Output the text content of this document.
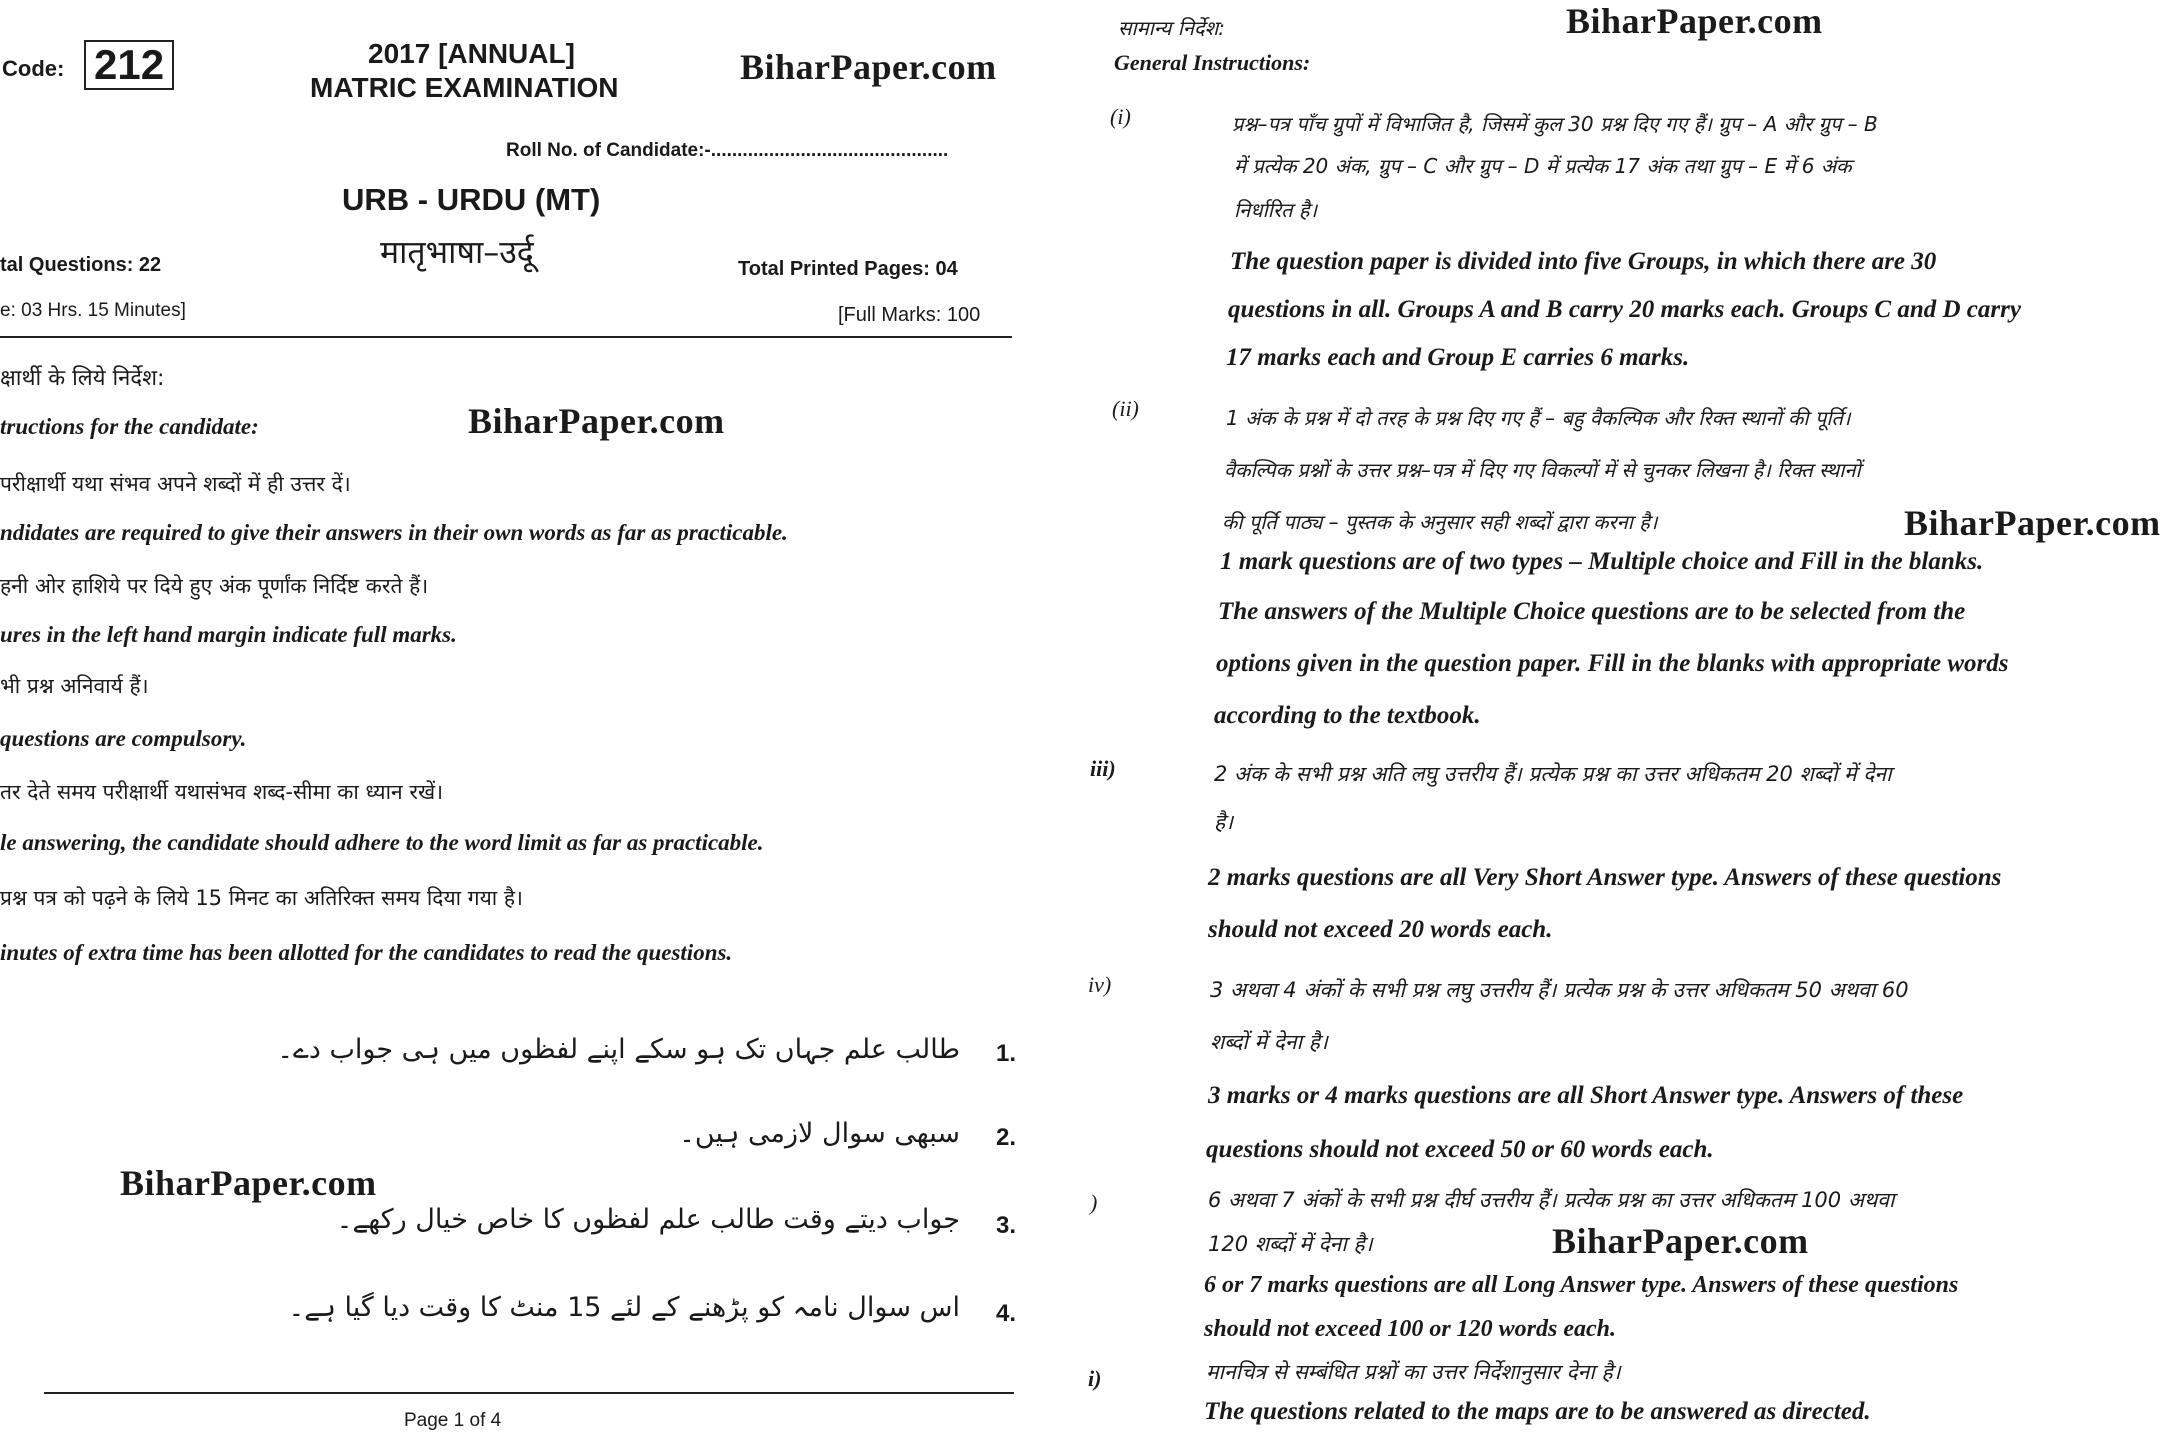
Code: 212	2017 [ANNUAL]
MATRIC EXAMINATION
BiharPaper.com
Roll No. of Candidate:-.............................................
URB - URDU (MT)
मातृभाषा–उर्दू
tal Questions: 22	Total Printed Pages: 04
e: 03 Hrs. 15 Minutes]	[Full Marks: 100
क्षार्थी के लिये निर्देश:
tructions for the candidate:	BiharPaper.com
परीक्षार्थी यथा संभव अपने शब्दों में ही उत्तर दें।
ndidates are required to give their answers in their own words as far as practicable.
हनी ओर हाशिये पर दिये हुए अंक पूर्णांक निर्दिष्ट करते हैं।
ures in the left hand margin indicate full marks.
भी प्रश्न अनिवार्य हैं।
questions are compulsory.
तर देते समय परीक्षार्थी यथासंभव शब्द-सीमा का ध्यान रखें।
le answering, the candidate should adhere to the word limit as far as practicable.
प्रश्न पत्र को पढ़ने के लिये 15 मिनट का अतिरिक्त समय दिया गया है।
inutes of extra time has been allotted for the candidates to read the questions.
طالب علم جہاں تک ہو سکے اپنے لفظوں میں ہی جواب دے۔ 1.
سبھی سوال لازمی ہیں۔ 2.
BiharPaper.com
جواب دیتے وقت طالب علم لفظوں کا خاص خیال رکھے۔ 3.
اس سوال نامہ کو پڑھنے کے لئے 15 منٹ کا وقت دیا گیا ہے۔ 4.
Page 1 of 4
सामान्य निर्देश:	BiharPaper.com
General Instructions:
(i)	प्रश्न–पत्र पाँच ग्रुपों में विभाजित है, जिसमें कुल 30 प्रश्न दिए गए हैं। ग्रुप – A और ग्रुप – B
में प्रत्येक 20 अंक, ग्रुप – C और ग्रुप – D में प्रत्येक 17 अंक तथा ग्रुप – E में 6 अंक
निर्धारित है।
The question paper is divided into five Groups, in which there are 30
questions in all. Groups A and B carry 20 marks each. Groups C and D carry
17 marks each and Group E carries 6 marks.
(ii)	1 अंक के प्रश्न में दो तरह के प्रश्न दिए गए हैं – बहु वैकल्पिक और रिक्त स्थानों की पूर्ति।
वैकल्पिक प्रश्नों के उत्तर प्रश्न–पत्र में दिए गए विकल्पों में से चुनकर लिखना है। रिक्त स्थानों
की पूर्ति पाठ्य – पुस्तक के अनुसार सही शब्दों द्वारा करना है।	BiharPaper.com
1 mark questions are of two types – Multiple choice and Fill in the blanks.
The answers of the Multiple Choice questions are to be selected from the
options given in the question paper. Fill in the blanks with appropriate words
according to the textbook.
iii)	2 अंक के सभी प्रश्न अति लघु उत्तरीय हैं। प्रत्येक प्रश्न का उत्तर अधिकतम 20 शब्दों में देना
है।
2 marks questions are all Very Short Answer type. Answers of these questions
should not exceed 20 words each.
iv)	3 अथवा 4 अंकों के सभी प्रश्न लघु उत्तरीय हैं। प्रत्येक प्रश्न के उत्तर अधिकतम 50 अथवा 60
शब्दों में देना है।
3 marks or 4 marks questions are all Short Answer type. Answers of these
questions should not exceed 50 or 60 words each.
)	6 अथवा 7 अंकों के सभी प्रश्न दीर्घ उत्तरीय हैं। प्रत्येक प्रश्न का उत्तर अधिकतम 100 अथवा
120 शब्दों में देना है।	BiharPaper.com
6 or 7 marks questions are all Long Answer type. Answers of these questions
should not exceed 100 or 120 words each.
i)	मानचित्र से सम्बंधित प्रश्नों का उत्तर निर्देशानुसार देना है।
The questions related to the maps are to be answered as directed.
